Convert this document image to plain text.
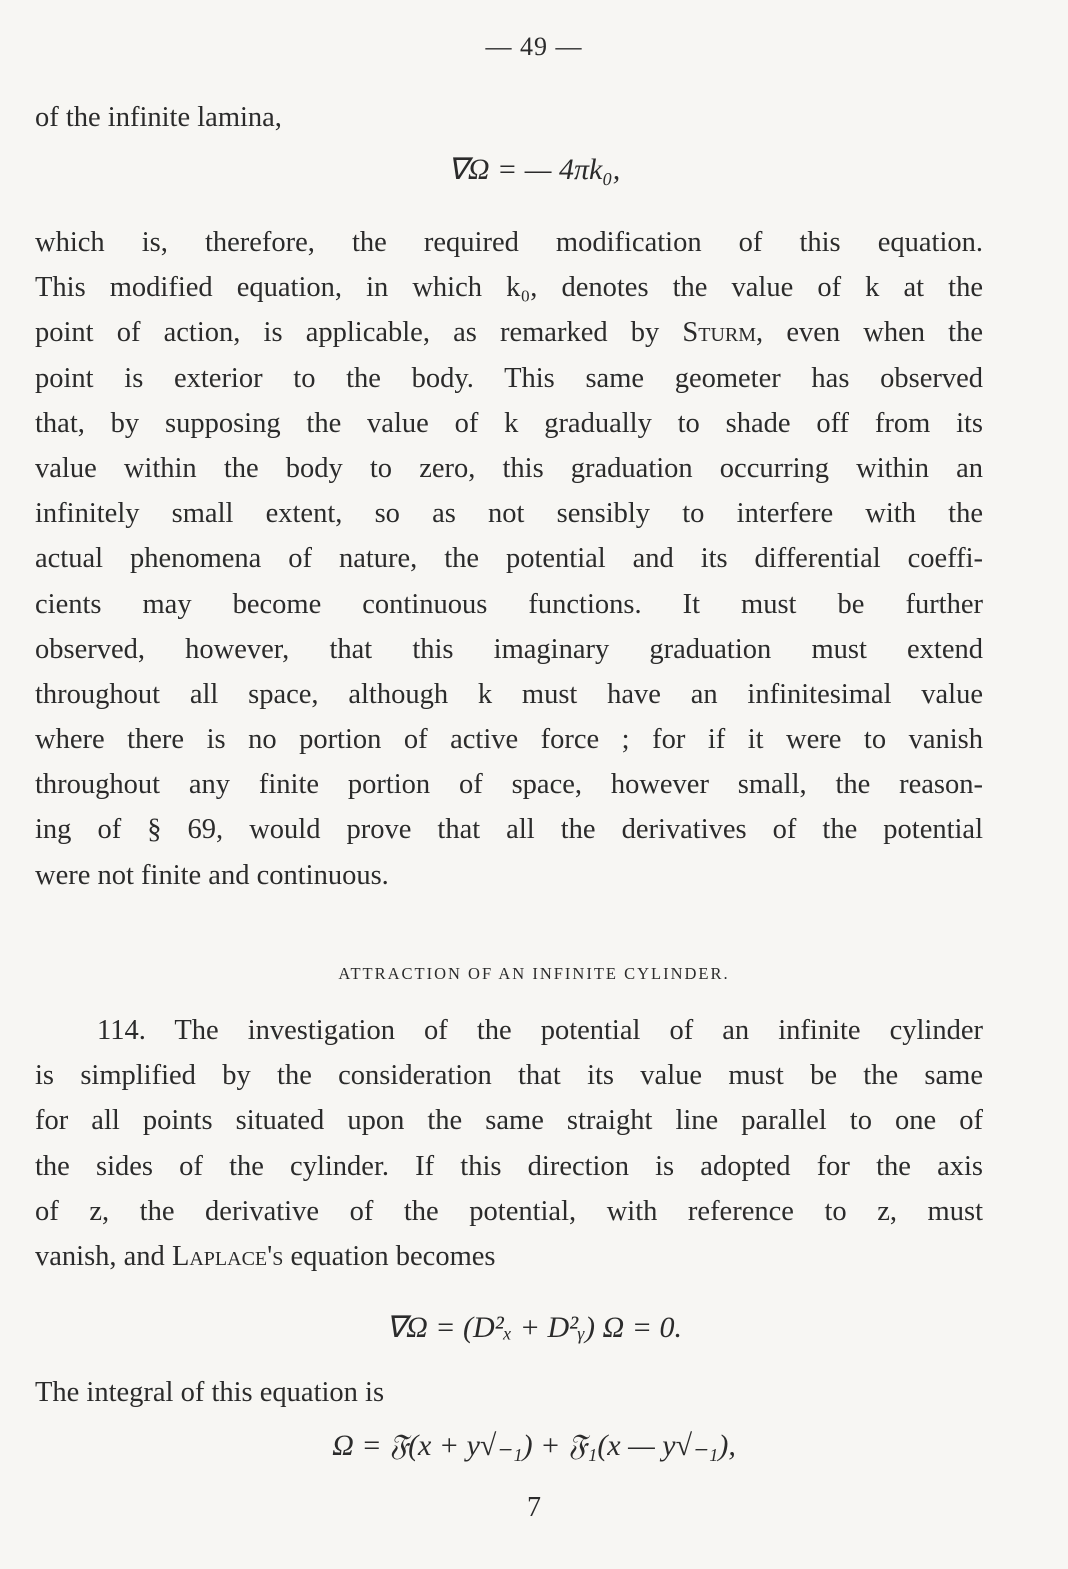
— 49 —
of the infinite lamina,
∇Ω = — 4πk₀,
which is, therefore, the required modification of this equation.
This modified equation, in which k₀, denotes the value of k at the
point of action, is applicable, as remarked by Sturm, even when the
point is exterior to the body. This same geometer has observed
that, by supposing the value of k gradually to shade off from its
value within the body to zero, this graduation occurring within an
infinitely small extent, so as not sensibly to interfere with the
actual phenomena of nature, the potential and its differential coeffi-
cients may become continuous functions. It must be further
observed, however, that this imaginary graduation must extend
throughout all space, although k must have an infinitesimal value
where there is no portion of active force ; for if it were to vanish
throughout any finite portion of space, however small, the reason-
ing of § 69, would prove that all the derivatives of the potential
were not finite and continuous.
ATTRACTION OF AN INFINITE CYLINDER.
114. The investigation of the potential of an infinite cylinder
is simplified by the consideration that its value must be the same
for all points situated upon the same straight line parallel to one of
the sides of the cylinder. If this direction is adopted for the axis
of z, the derivative of the potential, with reference to z, must
vanish, and Laplace's equation becomes
∇Ω = (D²ₓ + D²ᵧ) Ω = 0.
The integral of this equation is
Ω = 𝔉(x + y√₋₁) + 𝔉₁(x — y√₋₁),
7
